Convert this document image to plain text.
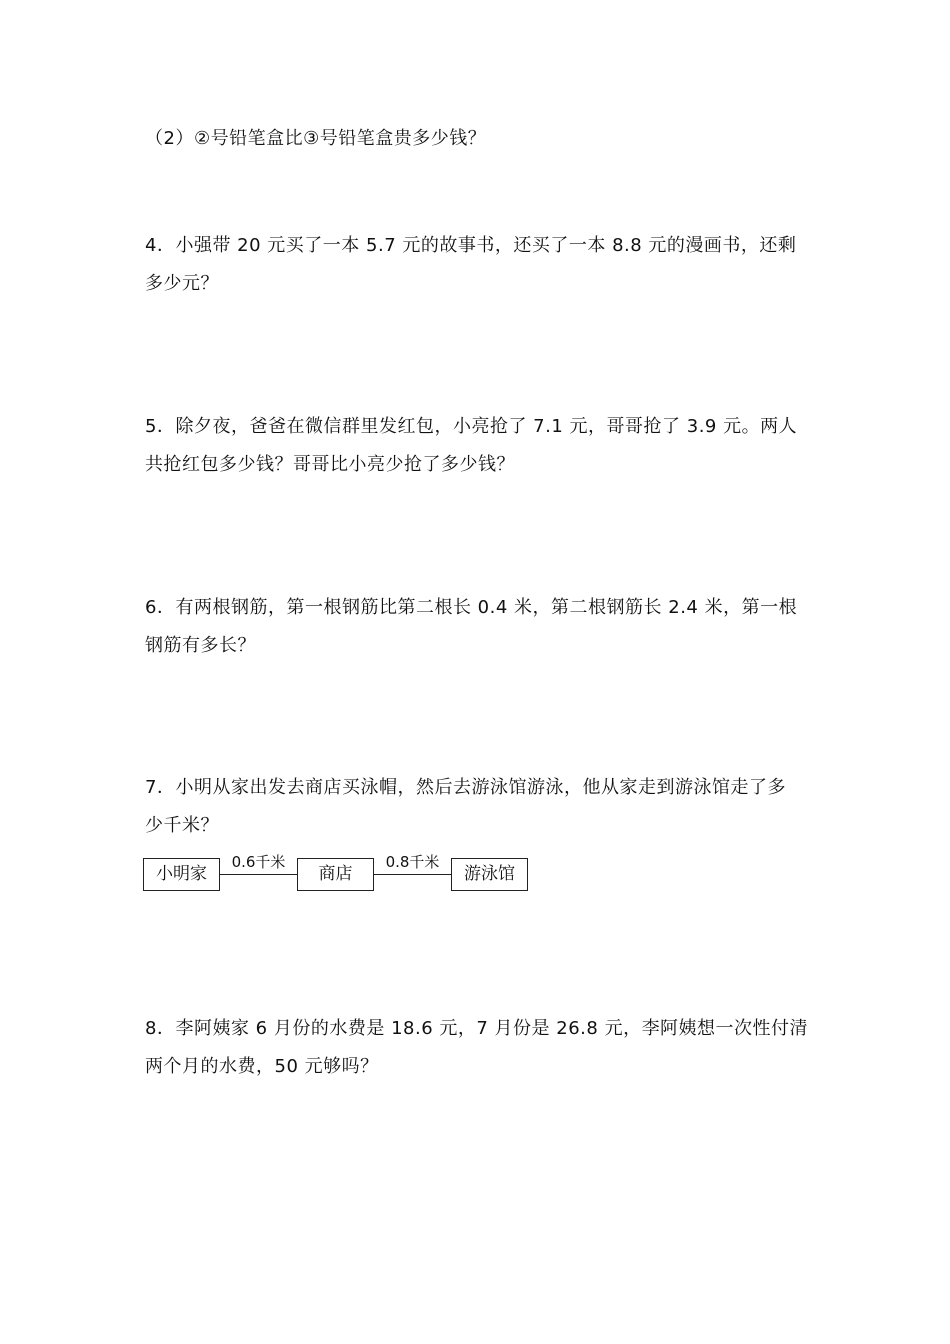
（2）②号铅笔盒比③号铅笔盒贵多少钱？
4．小强带 20 元买了一本 5.7 元的故事书，还买了一本 8.8 元的漫画书，还剩
多少元？
5．除夕夜，爸爸在微信群里发红包，小亮抢了 7.1 元，哥哥抢了 3.9 元。两人
共抢红包多少钱？哥哥比小亮少抢了多少钱？
6．有两根钢筋，第一根钢筋比第二根长 0.4 米，第二根钢筋长 2.4 米，第一根
钢筋有多长？
7．小明从家出发去商店买泳帽，然后去游泳馆游泳，他从家走到游泳馆走了多
少千米？
小明家
0.6千米
商店
0.8千米
游泳馆
8．李阿姨家 6 月份的水费是 18.6 元，7 月份是 26.8 元，李阿姨想一次性付清
两个月的水费，50 元够吗？
